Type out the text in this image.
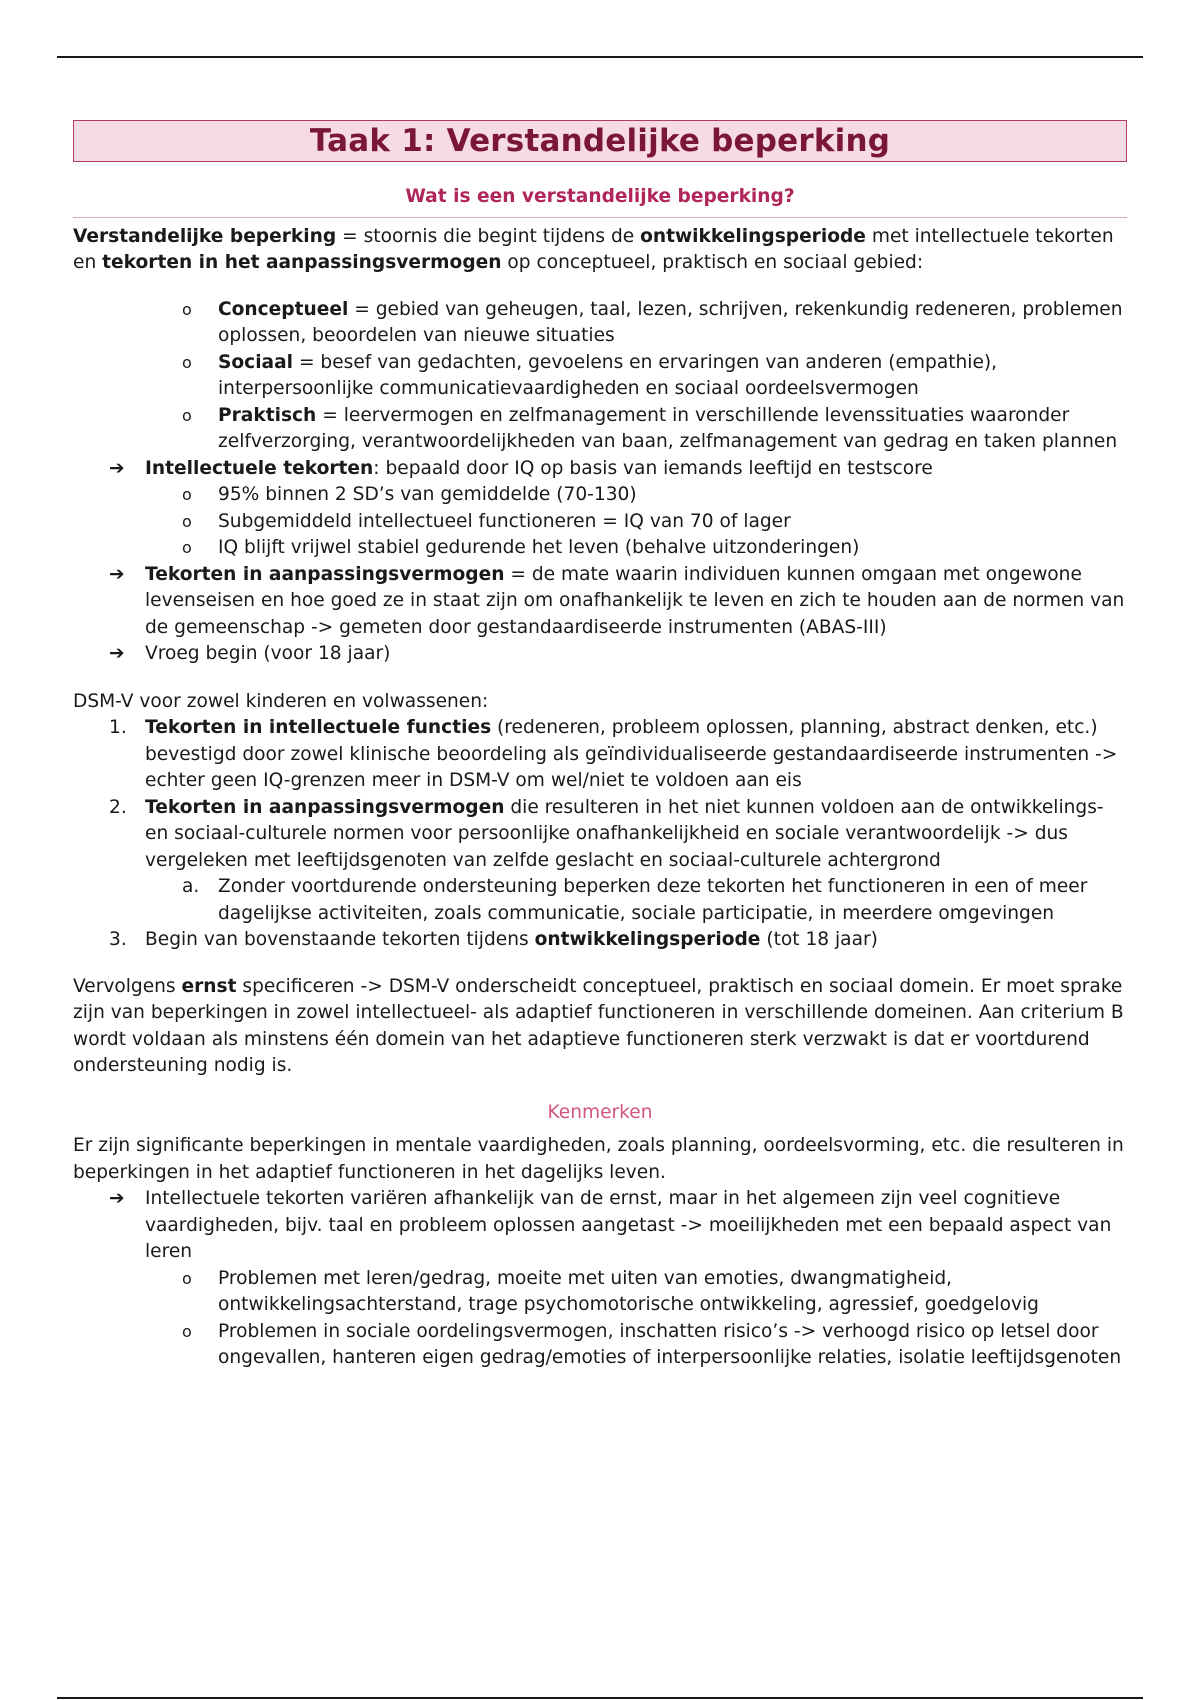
Taak 1: Verstandelijke beperking
Wat is een verstandelijke beperking?

Verstandelijke beperking = stoornis die begint tijdens de ontwikkelingsperiode met intellectuele tekorten en tekorten in het aanpassingsvermogen op conceptueel, praktisch en sociaal gebied:

o Conceptueel = gebied van geheugen, taal, lezen, schrijven, rekenkundig redeneren, problemen oplossen, beoordelen van nieuwe situaties
o Sociaal = besef van gedachten, gevoelens en ervaringen van anderen (empathie), interpersoonlijke communicatievaardigheden en sociaal oordeelsvermogen
o Praktisch = leervermogen en zelfmanagement in verschillende levenssituaties waaronder zelfverzorging, verantwoordelijkheden van baan, zelfmanagement van gedrag en taken plannen
➔ Intellectuele tekorten: bepaald door IQ op basis van iemands leeftijd en testscore
o 95% binnen 2 SD’s van gemiddelde (70-130)
o Subgemiddeld intellectueel functioneren = IQ van 70 of lager
o IQ blijft vrijwel stabiel gedurende het leven (behalve uitzonderingen)
➔ Tekorten in aanpassingsvermogen = de mate waarin individuen kunnen omgaan met ongewone levenseisen en hoe goed ze in staat zijn om onafhankelijk te leven en zich te houden aan de normen van de gemeenschap -> gemeten door gestandaardiseerde instrumenten (ABAS-III)
➔ Vroeg begin (voor 18 jaar)

DSM-V voor zowel kinderen en volwassenen:

1. Tekorten in intellectuele functies (redeneren, probleem oplossen, planning, abstract denken, etc.) bevestigd door zowel klinische beoordeling als geïndividualiseerde gestandaardiseerde instrumenten -> echter geen IQ-grenzen meer in DSM-V om wel/niet te voldoen aan eis
2. Tekorten in aanpassingsvermogen die resulteren in het niet kunnen voldoen aan de ontwikkelings- en sociaal-culturele normen voor persoonlijke onafhankelijkheid en sociale verantwoordelijk -> dus vergeleken met leeftijdsgenoten van zelfde geslacht en sociaal-culturele achtergrond
a. Zonder voortdurende ondersteuning beperken deze tekorten het functioneren in een of meer dagelijkse activiteiten, zoals communicatie, sociale participatie, in meerdere omgevingen
3. Begin van bovenstaande tekorten tijdens ontwikkelingsperiode (tot 18 jaar)

Vervolgens ernst specificeren -> DSM-V onderscheidt conceptueel, praktisch en sociaal domein. Er moet sprake zijn van beperkingen in zowel intellectueel- als adaptief functioneren in verschillende domeinen. Aan criterium B wordt voldaan als minstens één domein van het adaptieve functioneren sterk verzwakt is dat er voortdurend ondersteuning nodig is.

Kenmerken

Er zijn significante beperkingen in mentale vaardigheden, zoals planning, oordeelsvorming, etc. die resulteren in beperkingen in het adaptief functioneren in het dagelijks leven.

➔ Intellectuele tekorten variëren afhankelijk van de ernst, maar in het algemeen zijn veel cognitieve vaardigheden, bijv. taal en probleem oplossen aangetast -> moeilijkheden met een bepaald aspect van leren
o Problemen met leren/gedrag, moeite met uiten van emoties, dwangmatigheid, ontwikkelingsachterstand, trage psychomotorische ontwikkeling, agressief, goedgelovig
o Problemen in sociale oordelingsvermogen, inschatten risico’s -> verhoogd risico op letsel door ongevallen, hanteren eigen gedrag/emoties of interpersoonlijke relaties, isolatie leeftijdsgenoten
